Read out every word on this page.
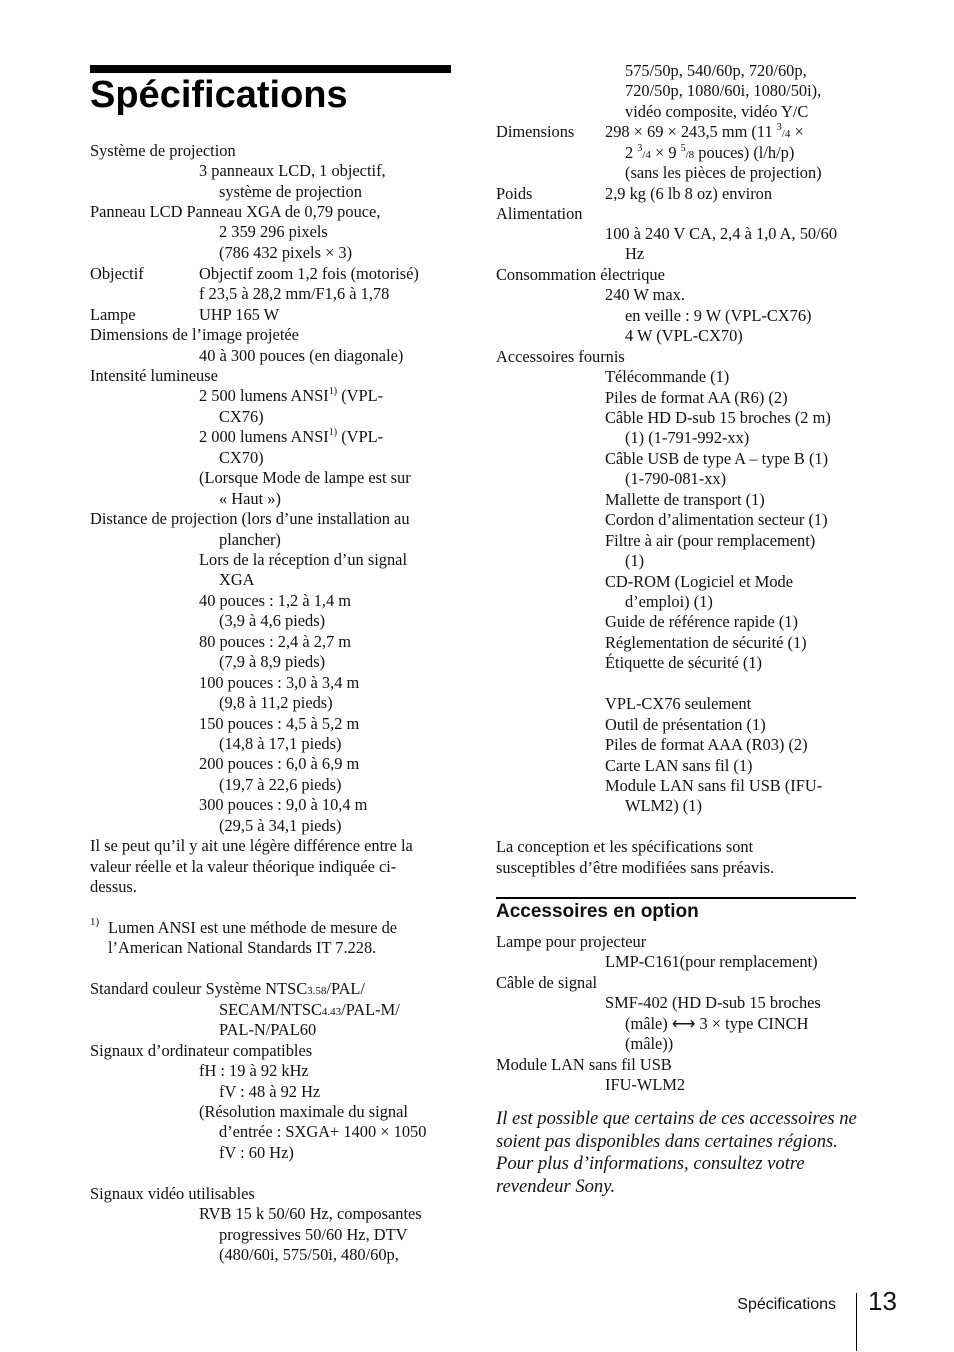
Spécifications
Système de projection
3 panneaux LCD, 1 objectif,
système de projection
Panneau LCD Panneau XGA de 0,79 pouce,
2 359 296 pixels
(786 432 pixels × 3)
Objectif	Objectif zoom 1,2 fois (motorisé)
f 23,5 à 28,2 mm/F1,6 à 1,78
Lampe	UHP 165 W
Dimensions de l’image projetée
40 à 300 pouces (en diagonale)
Intensité lumineuse
2 500 lumens ANSI$^{1)}$ (VPL-
CX76)
2 000 lumens ANSI$^{1)}$ (VPL-
CX70)
(Lorsque Mode de lampe est sur
« Haut »)
Distance de projection (lors d’une installation au
plancher)
Lors de la réception d’un signal
XGA
40 pouces : 1,2 à 1,4 m
(3,9 à 4,6 pieds)
80 pouces : 2,4 à 2,7 m
(7,9 à 8,9 pieds)
100 pouces : 3,0 à 3,4 m
(9,8 à 11,2 pieds)
150 pouces : 4,5 à 5,2 m
(14,8 à 17,1 pieds)
200 pouces : 6,0 à 6,9 m
(19,7 à 22,6 pieds)
300 pouces : 9,0 à 10,4 m
(29,5 à 34,1 pieds)
Il se peut qu’il y ait une légère différence entre la
valeur réelle et la valeur théorique indiquée ci-
dessus.
Lumen ANSI est une méthode de mesure de
l’American National Standards IT 7.228.
Standard couleur Système NTSC3.58/PAL/
SECAM/NTSC4.43/PAL-M/
PAL-N/PAL60
Signaux d’ordinateur compatibles
fH : 19 à 92 kHz
fV : 48 à 92 Hz
(Résolution maximale du signal
d’entrée : SXGA+ 1400 × 1050
fV : 60 Hz)
Signaux vidéo utilisables
RVB 15 k 50/60 Hz, composantes
progressives 50/60 Hz, DTV
(480/60i, 575/50i, 480/60p,
1)
575/50p, 540/60p, 720/60p,
720/50p, 1080/60i, 1080/50i),
vidéo composite, vidéo Y/C
Dimensions 298 × 69 × 243,5 mm (11 $^3$/4 ×
2 $^3$/4 × 9 $^5$/8 pouces) (l/h/p)
(sans les pièces de projection)
Poids	2,9 kg (6 lb 8 oz) environ
Alimentation
100 à 240 V CA, 2,4 à 1,0 A, 50/60
Hz
Consommation électrique
240 W max.
en veille : 9 W (VPL-CX76)
4 W (VPL-CX70)
Accessoires fournis
Télécommande (1)
Piles de format AA (R6) (2)
Câble HD D-sub 15 broches (2 m)
(1) (1-791-992-xx)
Câble USB de type A – type B (1)
(1-790-081-xx)
Mallette de transport (1)
Cordon d’alimentation secteur (1)
Filtre à air (pour remplacement)
(1)
CD-ROM (Logiciel et Mode
d’emploi) (1)
Guide de référence rapide (1)
Réglementation de sécurité (1)
Étiquette de sécurité (1)
VPL-CX76 seulement
Outil de présentation (1)
Piles de format AAA (R03) (2)
Carte LAN sans fil (1)
Module LAN sans fil USB (IFU-
WLM2) (1)
La conception et les spécifications sont
susceptibles d’être modifiées sans préavis.
Lampe pour projecteur
LMP-C161(pour remplacement)
Câble de signal
SMF-402 (HD D-sub 15 broches
(mâle) ⟷ 3 × type CINCH
(mâle))
Module LAN sans fil USB
IFU-WLM2
Accessoires en option

Il est possible que certains de ces accessoires ne soient pas disponibles dans certaines régions. Pour plus d’informations, consultez votre revendeur Sony.

Spécifications 13
